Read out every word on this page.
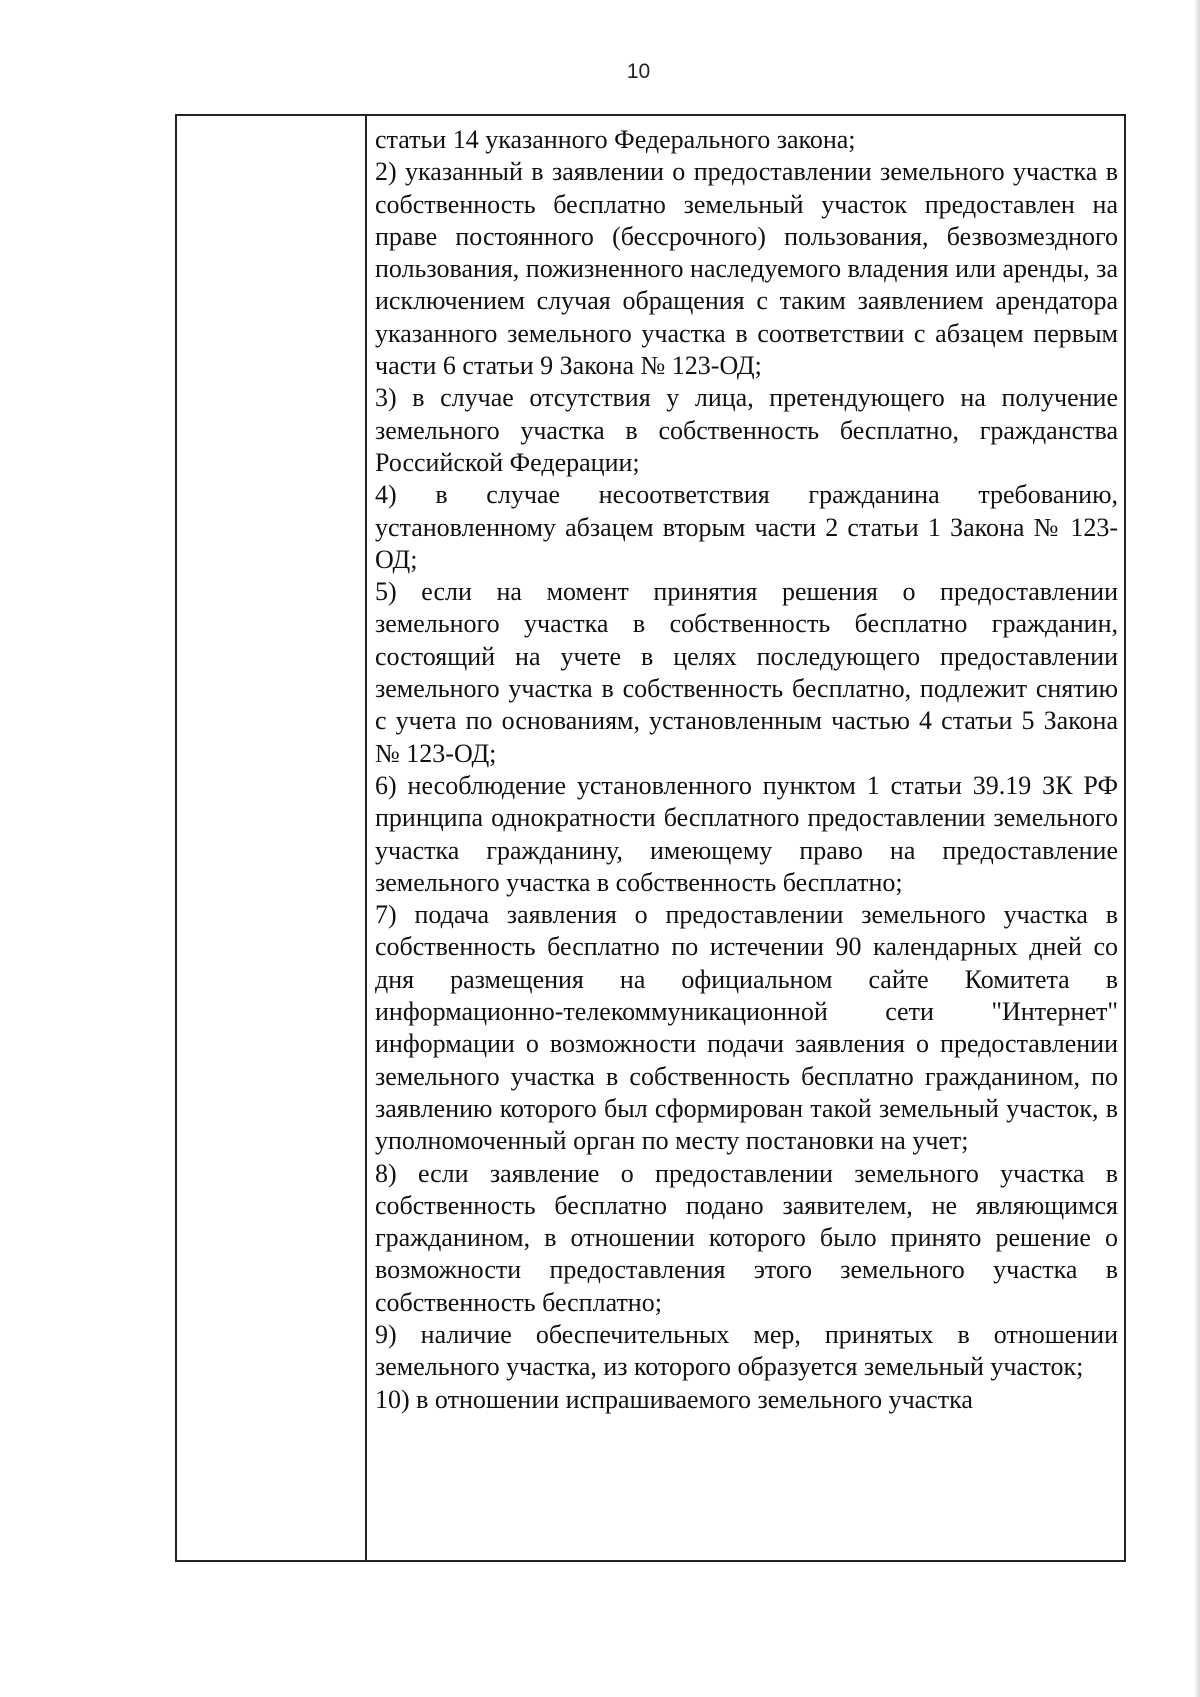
10
статьи 14 указанного Федерального закона;
2) указанный в заявлении о предоставлении земельного участка в собственность бесплатно земельный участок предоставлен на праве постоянного (бессрочного) пользования, безвозмездного пользования, пожизненного наследуемого владения или аренды, за исключением случая обращения с таким заявлением арендатора указанного земельного участка в соответствии с абзацем первым части 6 статьи 9 Закона № 123-ОД;
3) в случае отсутствия у лица, претендующего на получение земельного участка в собственность бесплатно, гражданства Российской Федерации;
4) в случае несоответствия гражданина требованию, установленному абзацем вторым части 2 статьи 1 Закона № 123-ОД;
5) если на момент принятия решения о предоставлении земельного участка в собственность бесплатно гражданин, состоящий на учете в целях последующего предоставлении земельного участка в собственность бесплатно, подлежит снятию с учета по основаниям, установленным частью 4 статьи 5 Закона № 123-ОД;
6) несоблюдение установленного пунктом 1 статьи 39.19 ЗК РФ принципа однократности бесплатного предоставлении земельного участка гражданину, имеющему право на предоставление земельного участка в собственность бесплатно;
7) подача заявления о предоставлении земельного участка в собственность бесплатно по истечении 90 календарных дней со дня размещения на официальном сайте Комитета в информационно-телекоммуникационной сети "Интернет" информации о возможности подачи заявления о предоставлении земельного участка в собственность бесплатно гражданином, по заявлению которого был сформирован такой земельный участок, в уполномоченный орган по месту постановки на учет;
8) если заявление о предоставлении земельного участка в собственность бесплатно подано заявителем, не являющимся гражданином, в отношении которого было принято решение о возможности предоставления этого земельного участка в собственность бесплатно;
9) наличие обеспечительных мер, принятых в отношении земельного участка, из которого образуется земельный участок;
10) в отношении испрашиваемого земельного участка
